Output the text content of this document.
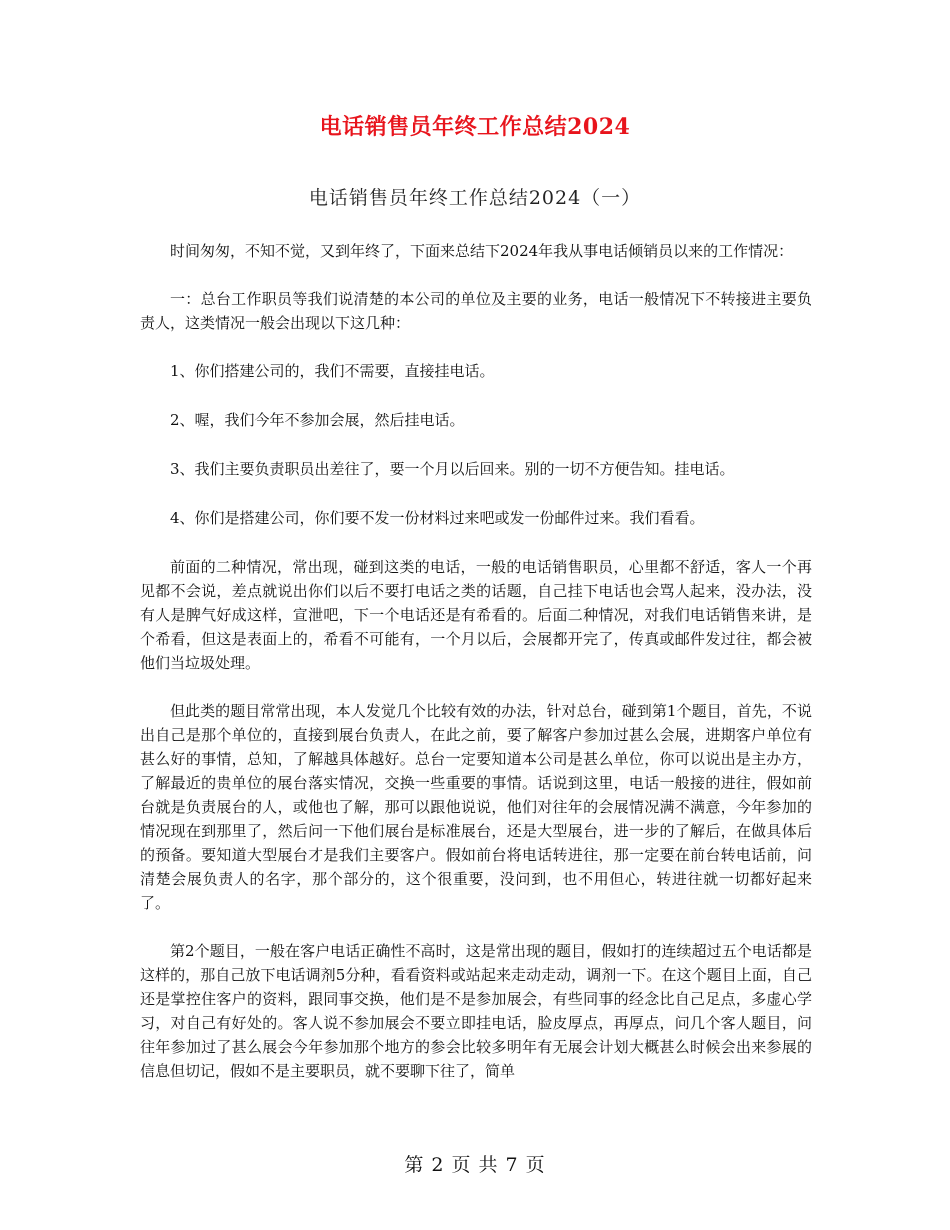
电话销售员年终工作总结2024
电话销售员年终工作总结2024（一）

时间匆匆，不知不觉，又到年终了，下面来总结下2024年我从事电话倾销员以来的工作情况：

一：总台工作职员等我们说清楚的本公司的单位及主要的业务，电话一般情况下不转接进主要负责人，这类情况一般会出现以下这几种：

1、你们搭建公司的，我们不需要，直接挂电话。

2、喔，我们今年不参加会展，然后挂电话。

3、我们主要负责职员出差往了，要一个月以后回来。别的一切不方便告知。挂电话。

4、你们是搭建公司，你们要不发一份材料过来吧或发一份邮件过来。我们看看。

前面的二种情况，常出现，碰到这类的电话，一般的电话销售职员，心里都不舒适，客人一个再见都不会说，差点就说出你们以后不要打电话之类的话题，自己挂下电话也会骂人起来，没办法，没有人是脾气好成这样，宣泄吧，下一个电话还是有希看的。后面二种情况，对我们电话销售来讲，是个希看，但这是表面上的，希看不可能有，一个月以后，会展都开完了，传真或邮件发过往，都会被他们当垃圾处理。

但此类的题目常常出现，本人发觉几个比较有效的办法，针对总台，碰到第1个题目，首先，不说出自己是那个单位的，直接到展台负责人，在此之前，要了解客户参加过甚么会展，进期客户单位有甚么好的事情，总知，了解越具体越好。总台一定要知道本公司是甚么单位，你可以说出是主办方，了解最近的贵单位的展台落实情况，交换一些重要的事情。话说到这里，电话一般接的进往，假如前台就是负责展台的人，或他也了解，那可以跟他说说，他们对往年的会展情况满不满意，今年参加的情况现在到那里了，然后问一下他们展台是标准展台，还是大型展台，进一步的了解后，在做具体后的预备。要知道大型展台才是我们主要客户。假如前台将电话转进往，那一定要在前台转电话前，问清楚会展负责人的名字，那个部分的，这个很重要，没问到，也不用但心，转进往就一切都好起来了。

第2个题目，一般在客户电话正确性不高时，这是常出现的题目，假如打的连续超过五个电话都是这样的，那自己放下电话调剂5分种，看看资料或站起来走动走动，调剂一下。在这个题目上面，自己还是掌控住客户的资料，跟同事交换，他们是不是参加展会，有些同事的经念比自己足点，多虚心学习，对自己有好处的。客人说不参加展会不要立即挂电话，脸皮厚点，再厚点，问几个客人题目，问往年参加过了甚么展会今年参加那个地方的参会比较多明年有无展会计划大概甚么时候会出来参展的信息但切记，假如不是主要职员，就不要聊下往了，简单

第 2 页 共 7 页
